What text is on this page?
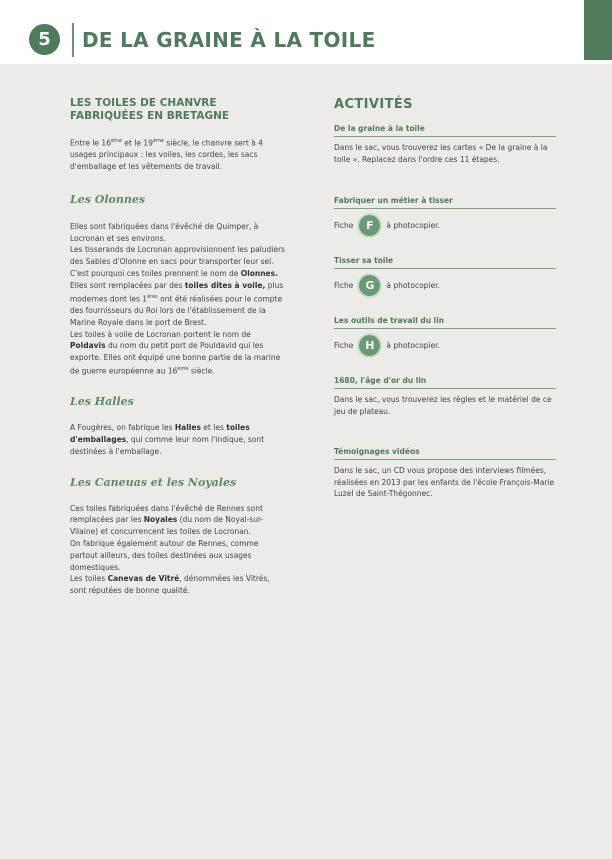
5	DE LA GRAINE À LA TOILE
LES TOILES DE CHANVRE
FABRIQUÉES EN BRETAGNE

Entre le 16ème et le 19ème siècle, le chanvre sert à 4 usages principaux : les voiles, les cordes, les sacs d'emballage et les vêtements de travail.

Les Olonnes

Elles sont fabriquées dans l'évêché de Quimper, à Locronan et ses environs.
Les tisserands de Locronan approvisionnent les paludiers des Sables d'Olonne en sacs pour transporter leur sel. C'est pourquoi ces toiles prennent le nom de Olonnes.
Elles sont remplacées par des toiles dites à voile, plus modernes dont les 1ères ont été réalisées pour le compte des fournisseurs du Roi lors de l'établissement de la Marine Royale dans le port de Brest.
Les toiles à voile de Locronan portent le nom de Poldavis du nom du petit port de Pouldavid qui les exporte. Elles ont équipé une bonne partie de la marine de guerre européenne au 16ème siècle.

Les Halles

A Fougères, on fabrique les Halles et les toiles d'emballages, qui comme leur nom l'indique, sont destinées à l'emballage.

Les Caneuas et les Noyales

Ces toiles fabriquées dans l'évêché de Rennes sont remplacées par les Noyales (du nom de Noyal-sur-Vilaine) et concurrencent les toiles de Locronan.
On fabrique également autour de Rennes, comme partout ailleurs, des toiles destinées aux usages domestiques.
Les toiles Canevas de Vitré, dénommées les Vitrés, sont réputées de bonne qualité.

ACTIVITÉS

De la graine à la toile

Dans le sac, vous trouverez les cartes « De la graine à la toile ». Replacez dans l'ordre ces 11 étapes.

Fabriquer un métier à tisser

Fiche	F	à photocopier.

Tisser sa toile

Fiche	G	à photocopier.

Les outils de travail du lin

Fiche	H	à photocopier.

1680, l'âge d'or du lin

Dans le sac, vous trouverez les règles et le matériel de ce jeu de plateau.

Témoignages vidéos

Dans le sac, un CD vous propose des interviews filmées, réalisées en 2013 par les enfants de l'école François-Marie Luzel de Saint-Thégonnec.
